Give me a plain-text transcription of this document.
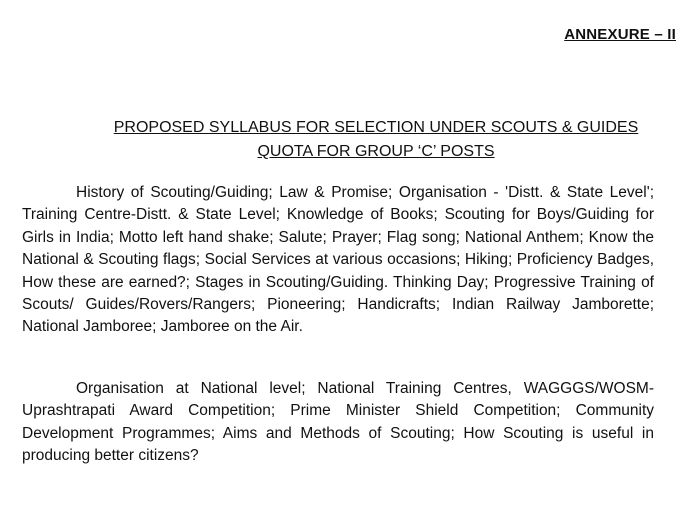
ANNEXURE – II
PROPOSED SYLLABUS FOR SELECTION UNDER SCOUTS & GUIDES
QUOTA FOR GROUP ‘C’ POSTS
History of Scouting/Guiding; Law & Promise; Organisation - 'Distt. & State Level'; Training Centre-Distt. & State Level; Knowledge of Books; Scouting for Boys/Guiding for Girls in India; Motto left hand shake; Salute; Prayer; Flag song; National Anthem; Know the National & Scouting flags; Social Services at various occasions; Hiking; Proficiency Badges, How these are earned?; Stages in Scouting/Guiding. Thinking Day; Progressive Training of Scouts/ Guides/Rovers/Rangers; Pioneering; Handicrafts; Indian Railway Jamborette; National Jamboree; Jamboree on the Air.
Organisation at National level; National Training Centres, WAGGGS/WOSM-Uprashtrapati Award Competition; Prime Minister Shield Competition; Community Development Programmes; Aims and Methods of Scouting; How Scouting is useful in producing better citizens?
